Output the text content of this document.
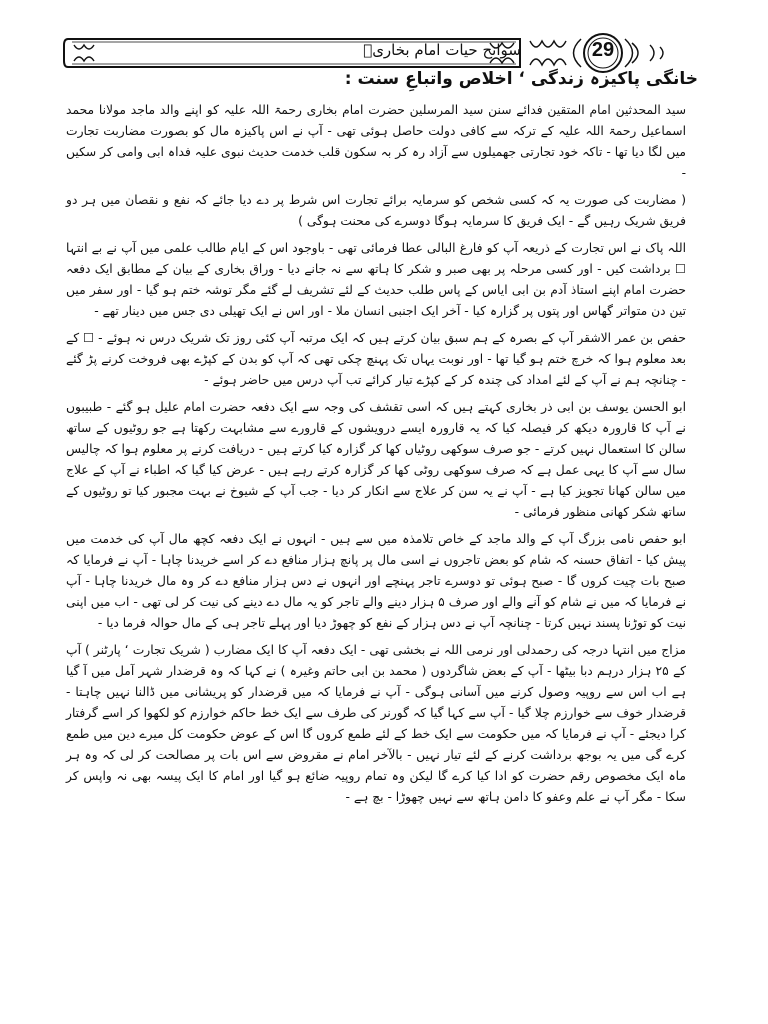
سوانح حیات امام بخاریؒ	29
خانگی پاکیزہ زندگی ‘ اخلاص واتباعِ سنت :

سید المحدثین امام المتقین فدائے سنن سید المرسلین حضرت امام بخاری رحمۃ اللہ علیہ کو اپنے والد ماجد مولانا محمد اسماعیل رحمۃ اللہ علیہ کے ترکہ سے کافی دولت حاصل ہوئی تھی - آپ نے اس پاکیزہ مال کو بصورت مضاربت تجارت میں لگا دیا تھا - تاکہ خود تجارتی جھمیلوں سے آزاد رہ کر بہ سکون قلب خدمت حدیث نبوی علیہ فداہ ابی وامی کر سکیں -

( مضاربت کی صورت یہ کہ کسی شخص کو سرمایہ برائے تجارت اس شرط پر دے دیا جائے کہ نفع و نقصان میں ہر دو فریق شریک رہیں گے - ایک فریق کا سرمایہ ہوگا دوسرے کی محنت ہوگی )

اللہ پاک نے اس تجارت کے ذریعہ آپ کو فارغ البالی عطا فرمائی تھی - باوجود اس کے ایام طالب علمی میں آپ نے بے انتہا ☐ برداشت کیں - اور کسی مرحلہ پر بھی صبر و شکر کا ہاتھ سے نہ جانے دیا - وراق بخاری کے بیان کے مطابق ایک دفعہ حضرت امام اپنے استاذ آدم بن ابی ایاس کے پاس طلب حدیث کے لئے تشریف لے گئے مگر توشہ ختم ہو گیا - اور سفر میں تین دن متواتر گھاس اور پتوں پر گزارہ کیا - آخر ایک اجنبی انسان ملا - اور اس نے ایک تھیلی دی جس میں دینار تھے -

حفص بن عمر الاشقر آپ کے بصرہ کے ہم سبق بیان کرتے ہیں کہ ایک مرتبہ آپ کئی روز تک شریک درس نہ ہوئے - ☐ کے بعد معلوم ہوا کہ خرچ ختم ہو گیا تھا - اور نوبت یہاں تک پہنچ چکی تھی کہ آپ کو بدن کے کپڑے بھی فروخت کرنے پڑ گئے - چنانچہ ہم نے آپ کے لئے امداد کی چندہ کر کے کپڑے تیار کرائے تب آپ درس میں حاضر ہوئے -

ابو الحسن یوسف بن ابی ذر بخاری کہتے ہیں کہ اسی تقشف کی وجہ سے ایک دفعہ حضرت امام علیل ہو گئے - طبیبوں نے آپ کا قارورہ دیکھ کر فیصلہ کیا کہ یہ قارورہ ایسے درویشوں کے قارورے سے مشابہت رکھتا ہے جو روٹیوں کے ساتھ سالن کا استعمال نہیں کرتے - جو صرف سوکھی روٹیاں کھا کر گزارہ کیا کرتے ہیں - دریافت کرنے پر معلوم ہوا کہ چالیس سال سے آپ کا یہی عمل ہے کہ صرف سوکھی روٹی کھا کر گزارہ کرتے رہے ہیں - عرض کیا گیا کہ اطباء نے آپ کے علاج میں سالن کھانا تجویز کیا ہے - آپ نے یہ سن کر علاج سے انکار کر دیا - جب آپ کے شیوخ نے بہت مجبور کیا تو روٹیوں کے ساتھ شکر کھانی منظور فرمائی -

ابو حفص نامی بزرگ آپ کے والد ماجد کے خاص تلامذہ میں سے ہیں - انہوں نے ایک دفعہ کچھ مال آپ کی خدمت میں پیش کیا - اتفاق حسنہ کہ شام کو بعض تاجروں نے اسی مال پر پانچ ہزار منافع دے کر اسے خریدنا چاہا - آپ نے فرمایا کہ صبح بات چیت کروں گا - صبح ہوئی تو دوسرے تاجر پہنچے اور انہوں نے دس ہزار منافع دے کر وہ مال خریدنا چاہا - آپ نے فرمایا کہ میں نے شام کو آنے والے اور صرف ۵ ہزار دینے والے تاجر کو یہ مال دے دینے کی نیت کر لی تھی - اب میں اپنی نیت کو توڑنا پسند نہیں کرتا - چنانچہ آپ نے دس ہزار کے نفع کو چھوڑ دیا اور پہلے تاجر ہی کے مال حوالہ فرما دیا -

مزاج میں انتہا درجہ کی رحمدلی اور نرمی اللہ نے بخشی تھی - ایک دفعہ آپ کا ایک مضارب ( شریک تجارت ‘ پارٹنر ) آپ کے ۲۵ ہزار درہم دبا بیٹھا - آپ کے بعض شاگردوں ( محمد بن ابی حاتم وغیرہ ) نے کہا کہ وہ قرضدار شہر آمل میں آ گیا ہے اب اس سے روپیہ وصول کرنے میں آسانی ہوگی - آپ نے فرمایا کہ میں قرضدار کو پریشانی میں ڈالنا نہیں چاہتا - قرضدار خوف سے خوارزم چلا گیا - آپ سے کہا گیا کہ گورنر کی طرف سے ایک خط حاکم خوارزم کو لکھوا کر اسے گرفتار کرا دیجئے - آپ نے فرمایا کہ میں حکومت سے ایک خط کے لئے طمع کروں گا اس کے عوض حکومت کل میرے دین میں طمع کرے گی میں یہ بوجھ برداشت کرنے کے لئے تیار نہیں - بالآخر امام نے مقروض سے اس بات پر مصالحت کر لی کہ وہ ہر ماہ ایک مخصوص رقم حضرت کو ادا کیا کرے گا لیکن وہ تمام روپیہ ضائع ہو گیا اور امام کا ایک پیسہ بھی نہ واپس کر سکا - مگر آپ نے علم وعفو کا دامن ہاتھ سے نہیں چھوڑا - بچ ہے -
